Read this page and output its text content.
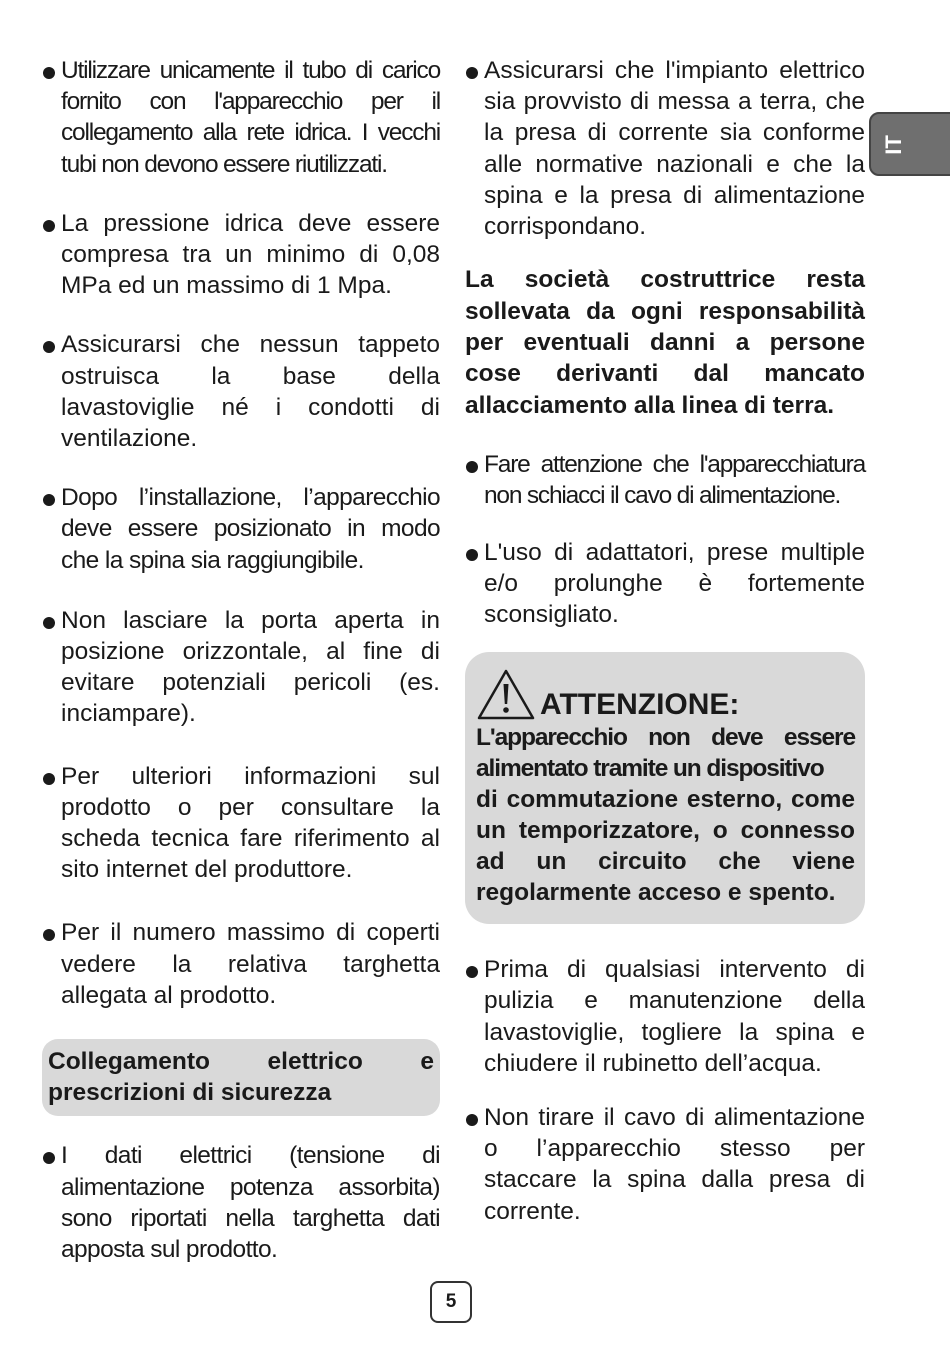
Utilizzare unicamente il tubo di carico fornito con l'apparecchio per il collegamento alla rete idrica. I vecchi tubi non devono essere riutilizzati.
La pressione idrica deve essere compresa tra un minimo di 0,08 MPa ed un massimo di 1 Mpa.
Assicurarsi che nessun tappeto ostruisca la base della lavastoviglie né i condotti di ventilazione.
Dopo l’installazione, l’apparecchio deve essere posizionato in modo che la spina sia raggiungibile.
Non lasciare la porta aperta in posizione orizzontale, al fine di evitare potenziali pericoli (es. inciampare).
Per ulteriori informazioni sul prodotto o per consultare la scheda tecnica fare riferimento al sito internet del produttore.
Per il numero massimo di coperti vedere la relativa targhetta allegata al prodotto.
Collegamento elettrico e
prescrizioni di sicurezza
I dati elettrici (tensione di alimentazione potenza assorbita) sono riportati nella targhetta dati apposta sul prodotto.
Assicurarsi che l'impianto elettrico sia provvisto di messa a terra, che la presa di corrente sia conforme alle normative nazionali e che la spina e la presa di alimentazione corrispondano.
La società costruttrice resta sollevata da ogni responsabilità per eventuali danni a persone cose derivanti dal mancato allacciamento alla linea di terra.
Fare attenzione che l'apparecchiatura non schiacci il cavo di alimentazione.
L'uso di adattatori, prese multiple e/o prolunghe è fortemente sconsigliato.
ATTENZIONE:
L'apparecchio non deve essere alimentato tramite un dispositivo
di commutazione esterno, come un temporizzatore, o connesso ad un circuito che viene regolarmente acceso e spento.
Prima di qualsiasi intervento di pulizia e manutenzione della lavastoviglie, togliere la spina e chiudere il rubinetto dell’acqua.
Non tirare il cavo di alimentazione o l’apparecchio stesso per staccare la spina dalla presa di corrente.
IT
5
